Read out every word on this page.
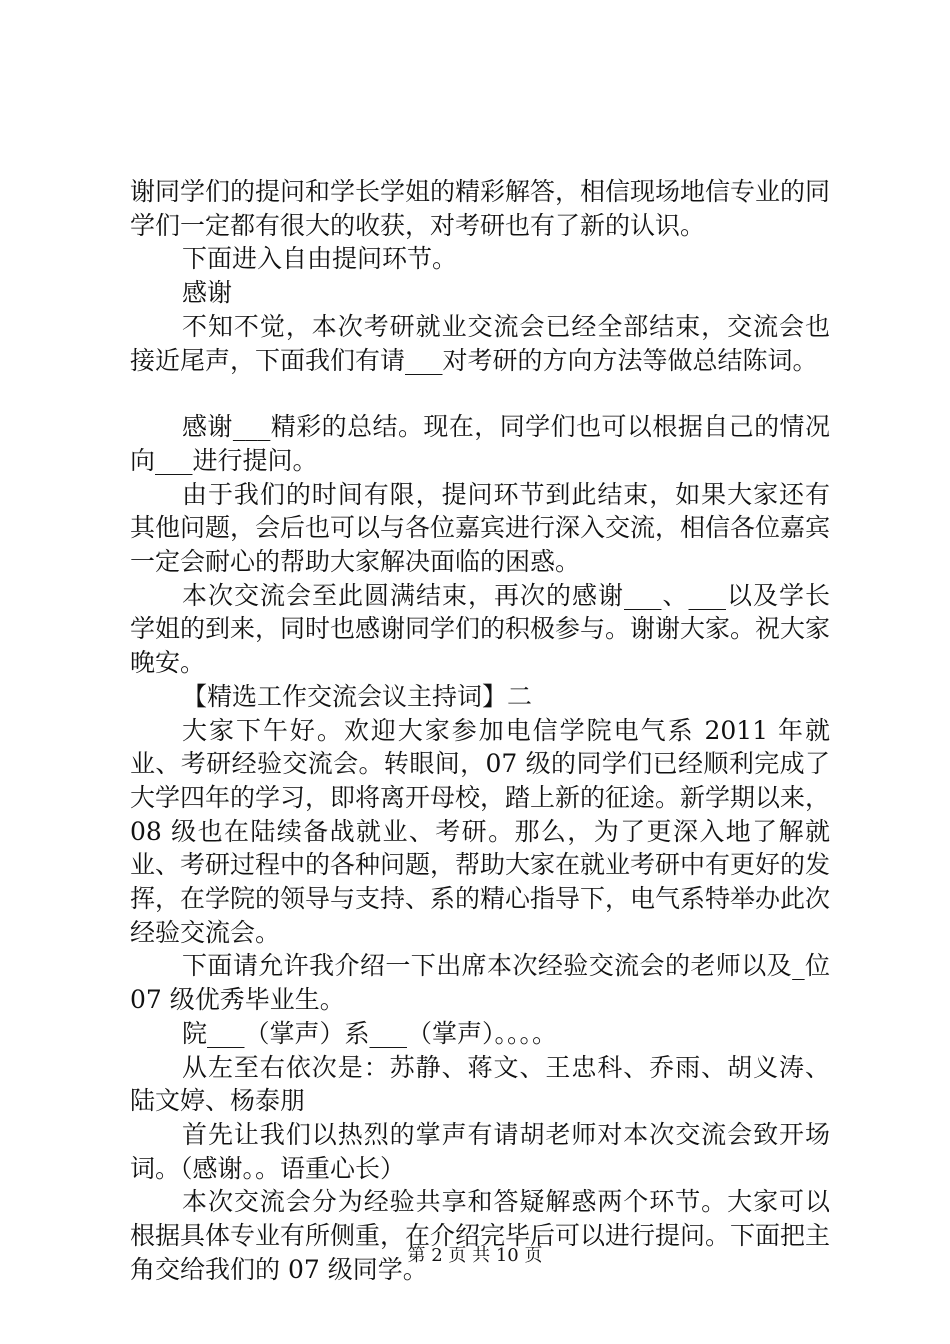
谢同学们的提问和学长学姐的精彩解答，相信现场地信专业的同学们一定都有很大的收获，对考研也有了新的认识。

下面进入自由提问环节。

感谢

不知不觉，本次考研就业交流会已经全部结束，交流会也接近尾声，下面我们有请___对考研的方向方法等做总结陈词。

感谢___精彩的总结。现在，同学们也可以根据自己的情况向___进行提问。

由于我们的时间有限，提问环节到此结束，如果大家还有其他问题，会后也可以与各位嘉宾进行深入交流，相信各位嘉宾一定会耐心的帮助大家解决面临的困惑。

本次交流会至此圆满结束，再次的感谢___、___以及学长学姐的到来，同时也感谢同学们的积极参与。谢谢大家。祝大家晚安。

【精选工作交流会议主持词】二

大家下午好。欢迎大家参加电信学院电气系 2011 年就业、考研经验交流会。转眼间，07 级的同学们已经顺利完成了大学四年的学习，即将离开母校，踏上新的征途。新学期以来，08 级也在陆续备战就业、考研。那么，为了更深入地了解就业、考研过程中的各种问题，帮助大家在就业考研中有更好的发挥，在学院的领导与支持、系的精心指导下，电气系特举办此次经验交流会。

下面请允许我介绍一下出席本次经验交流会的老师以及_位 07 级优秀毕业生。

院___（掌声）系___（掌声）。。。。

从左至右依次是：苏静、蒋文、王忠科、乔雨、胡义涛、陆文婷、杨泰朋

首先让我们以热烈的掌声有请胡老师对本次交流会致开场词。（感谢。。语重心长）

本次交流会分为经验共享和答疑解惑两个环节。大家可以根据具体专业有所侧重，在介绍完毕后可以进行提问。下面把主角交给我们的 07 级同学。

第 2 页 共 10 页
